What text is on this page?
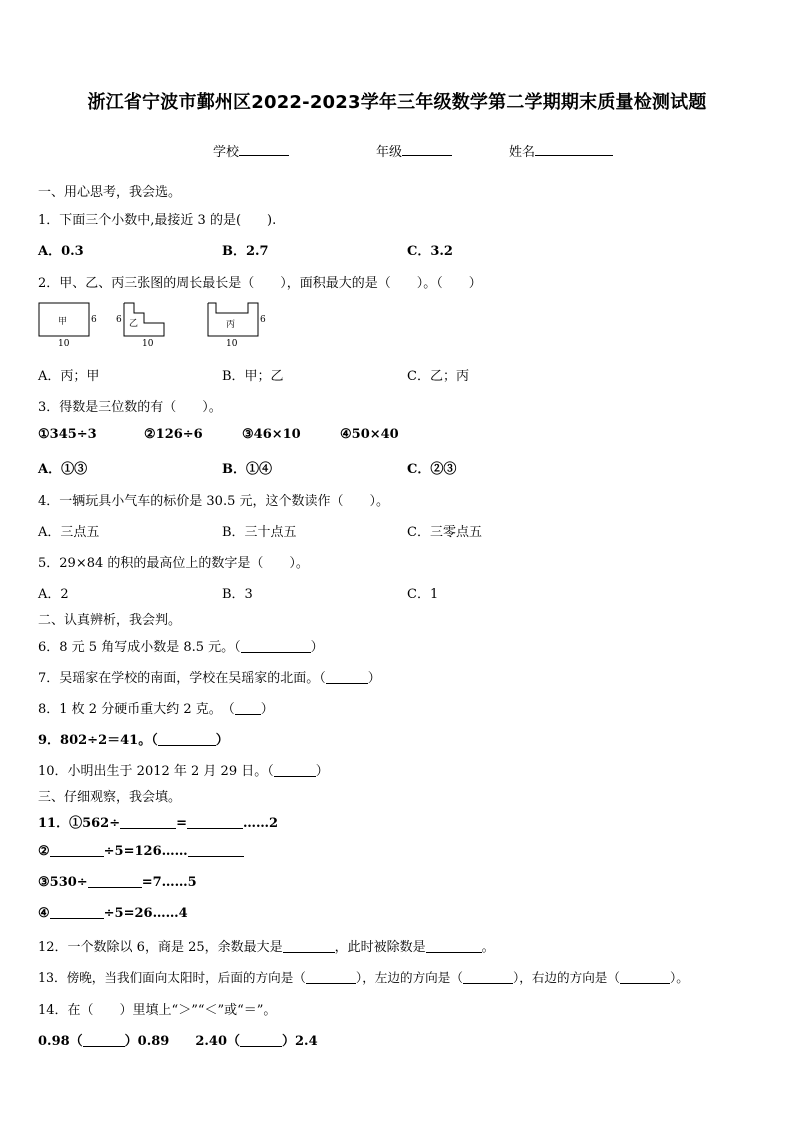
浙江省宁波市鄞州区2022-2023学年三年级数学第二学期期末质量检测试题
学校	年级	姓名
一、用心思考，我会选。
1．下面三个小数中,最接近 3 的是(　　).
A．0.3	B．2.7	C．3.2
2．甲、乙、丙三张图的周长最长是（　　），面积最大的是（　　）。（　　）
甲	6
10
乙
6
10
丙	6
10
A．丙；甲	B．甲；乙	C．乙；丙
3．得数是三位数的有（　　）。
①345÷3	②126÷6	③46×10	④50×40
A．①③	B．①④	C．②③
4．一辆玩具小气车的标价是 30.5 元，这个数读作（　　）。
A．三点五	B．三十点五	C．三零点五
5．29×84 的积的最高位上的数字是（　　）。
A．2	B．3	C．1
二、认真辨析，我会判。
6．8 元 5 角写成小数是 8.5 元。（	）
7．吴瑶家在学校的南面，学校在吴瑶家的北面。（	）
8．1 枚 2 分硬币重大约 2 克。　（ ）
9．802÷2＝41。（	）
10．小明出生于 2012 年 2 月 29 日。（	）
三、仔细观察，我会填。
11．①562÷	=	……2
②	÷5=126……
③530÷	=7……5
④	÷5=26……4
12．一个数除以 6，商是 25，余数最大是	，此时被除数是	。
13．傍晚，当我们面向太阳时，后面的方向是（	），左边的方向是（	），右边的方向是（	）。
14．在（　　）里填上“＞”“＜”或“＝”。
0.98（	）0.89 2.40（	）2.4
